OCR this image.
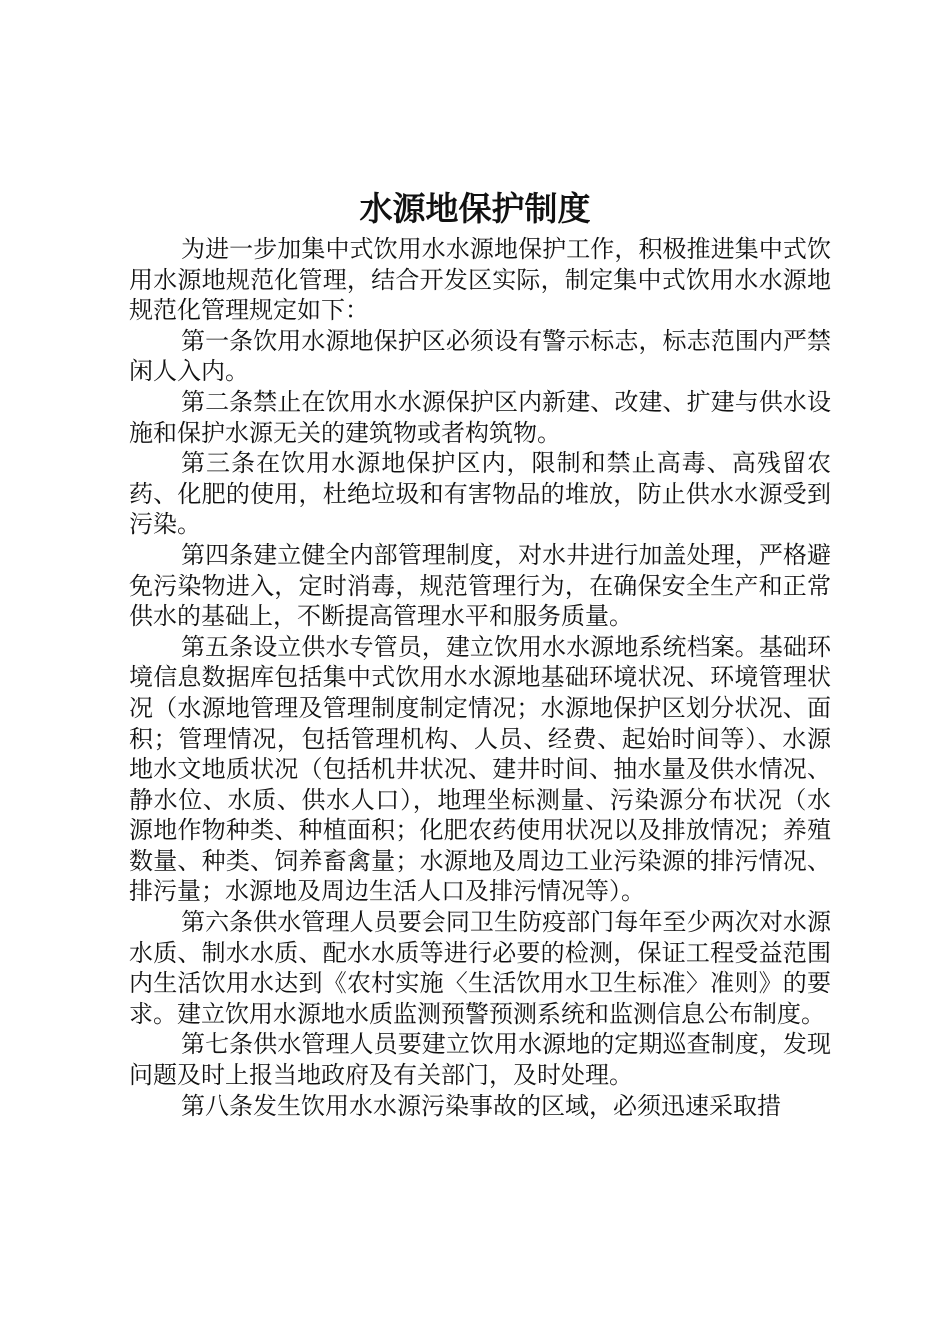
水源地保护制度

为进一步加集中式饮用水水源地保护工作，积极推进集中式饮用水源地规范化管理，结合开发区实际，制定集中式饮用水水源地规范化管理规定如下：

第一条饮用水源地保护区必须设有警示标志，标志范围内严禁闲人入内。

第二条禁止在饮用水水源保护区内新建、改建、扩建与供水设施和保护水源无关的建筑物或者构筑物。

第三条在饮用水源地保护区内，限制和禁止高毒、高残留农药、化肥的使用，杜绝垃圾和有害物品的堆放，防止供水水源受到污染。

第四条建立健全内部管理制度，对水井进行加盖处理，严格避免污染物进入，定时消毒，规范管理行为，在确保安全生产和正常供水的基础上，不断提高管理水平和服务质量。

第五条设立供水专管员，建立饮用水水源地系统档案。基础环境信息数据库包括集中式饮用水水源地基础环境状况、环境管理状况（水源地管理及管理制度制定情况；水源地保护区划分状况、面积；管理情况，包括管理机构、人员、经费、起始时间等）、水源地水文地质状况（包括机井状况、建井时间、抽水量及供水情况、静水位、水质、供水人口），地理坐标测量、污染源分布状况（水源地作物种类、种植面积；化肥农药使用状况以及排放情况；养殖数量、种类、饲养畜禽量；水源地及周边工业污染源的排污情况、排污量；水源地及周边生活人口及排污情况等）。

第六条供水管理人员要会同卫生防疫部门每年至少两次对水源水质、制水水质、配水水质等进行必要的检测，保证工程受益范围内生活饮用水达到《农村实施〈生活饮用水卫生标准〉准则》的要求。建立饮用水源地水质监测预警预测系统和监测信息公布制度。

第七条供水管理人员要建立饮用水源地的定期巡查制度，发现问题及时上报当地政府及有关部门，及时处理。

第八条发生饮用水水源污染事故的区域，必须迅速采取措
